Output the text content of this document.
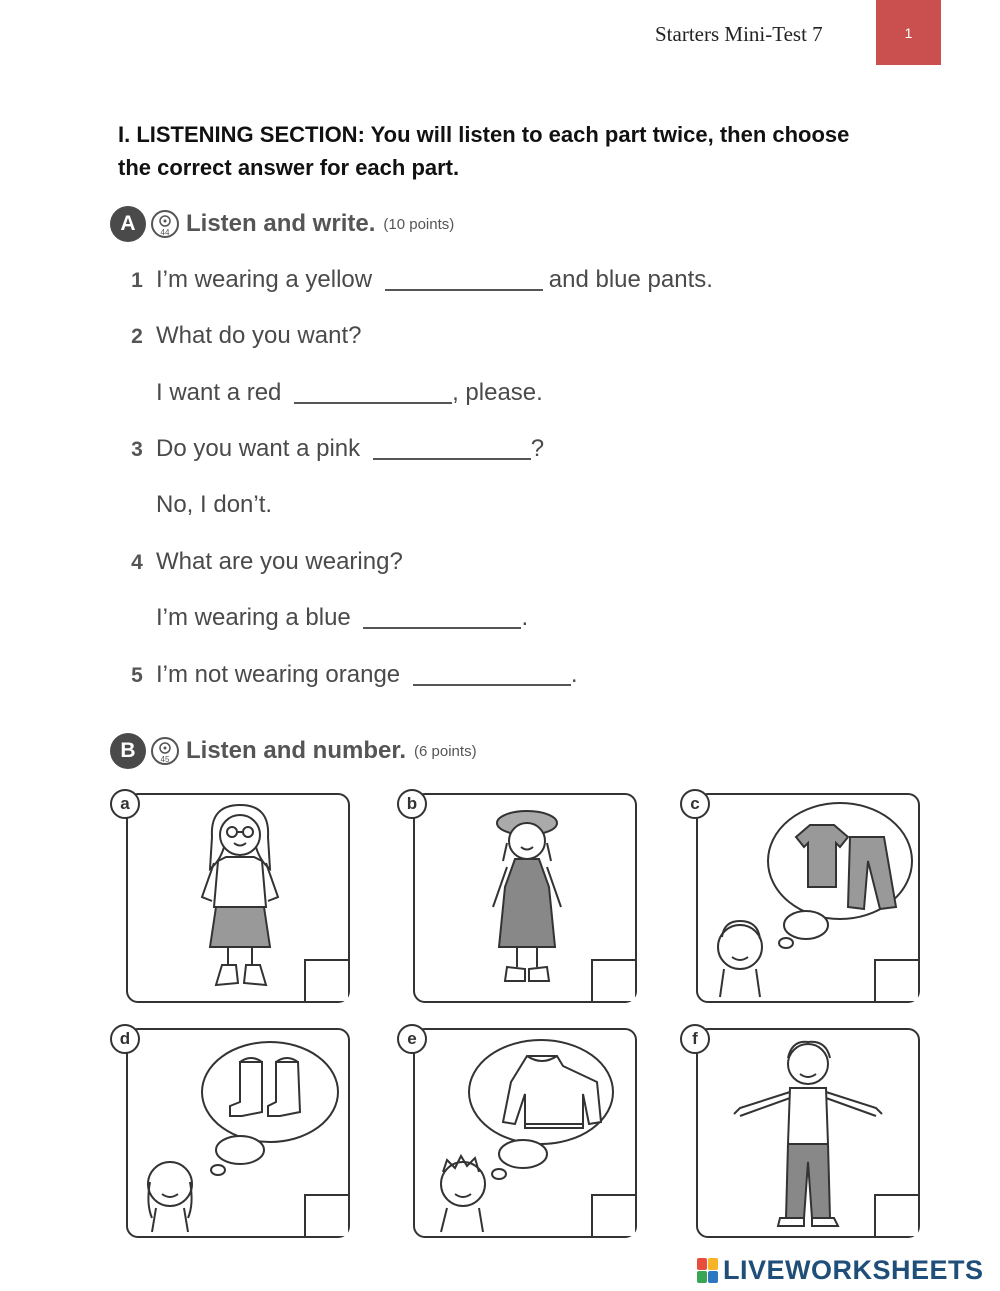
Starters Mini-Test 7	1
I. LISTENING SECTION: You will listen to each part twice, then choose the correct answer for each part.
A	44 Listen and write. (10 points)
1 I’m wearing a yellow	and blue pants.
2 What do you want?
I want a red	, please.
3 Do you want a pink	?
No, I don’t.
4 What are you wearing?
I’m wearing a blue	.
5 I’m not wearing orange	.
B	45 Listen and number. (6 points)
a	b	c
d	e	f
LIVEWORKSHEETS
